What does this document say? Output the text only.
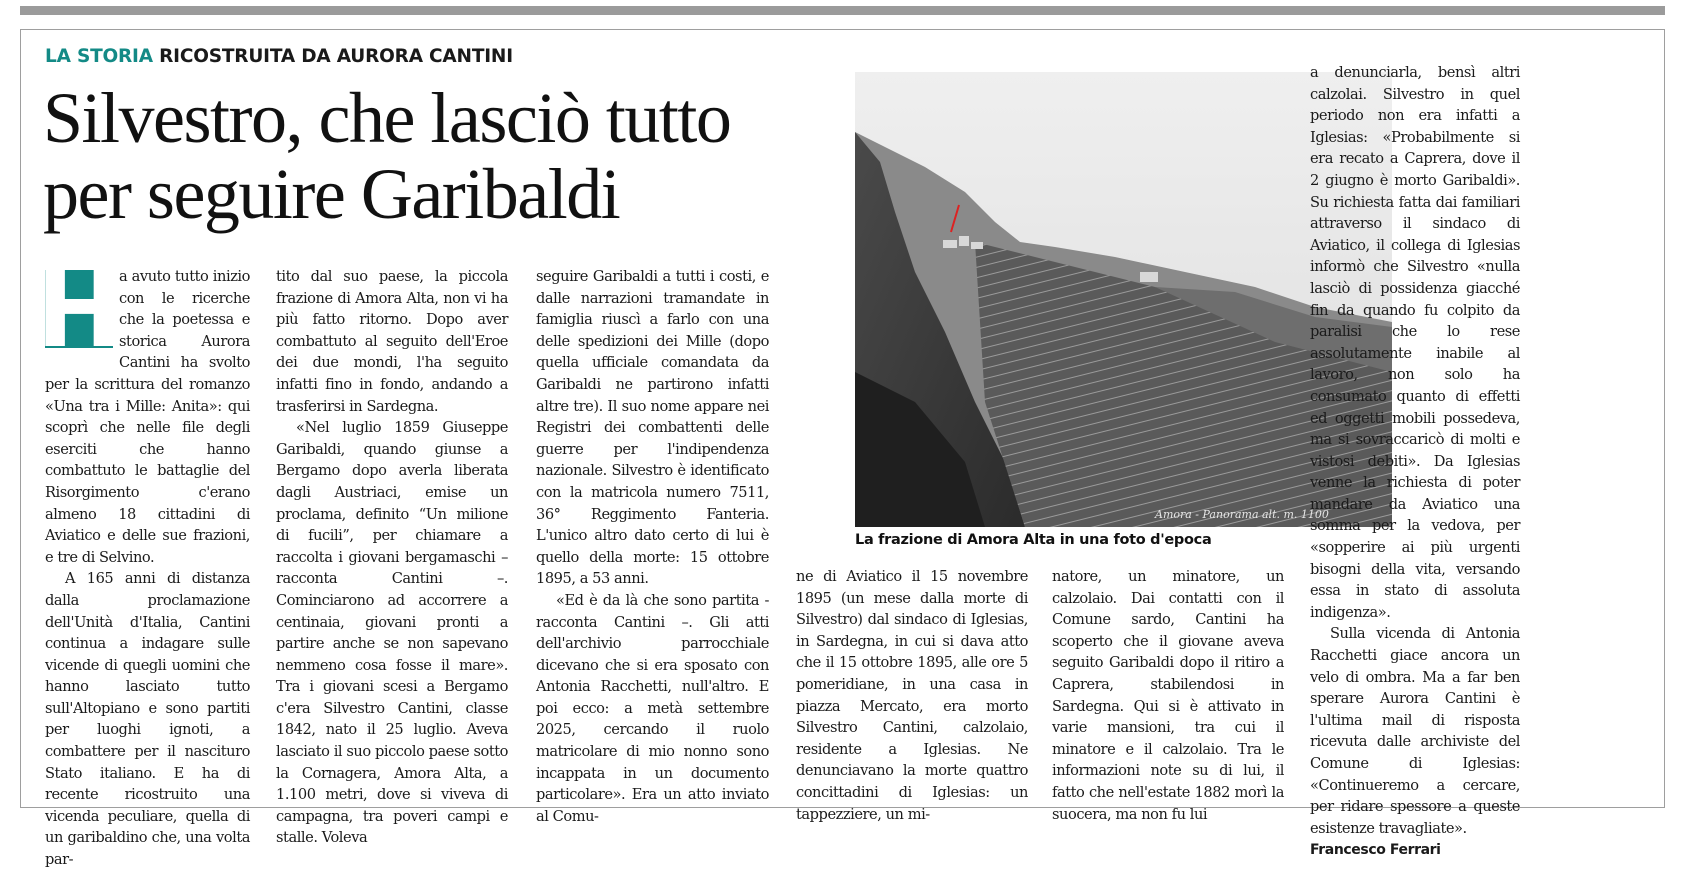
LA STORIA RICOSTRUITA DA AURORA CANTINI
Silvestro, che lasciò tutto per seguire Garibaldi

H
a avuto tutto inizio con le ricerche che la poetessa e storica Aurora Cantini ha svolto per la scrittura del romanzo «Una tra i Mille: Anita»: qui scoprì che nelle file degli eserciti che hanno combattuto le battaglie del Risorgimento c'erano almeno 18 cittadini di Aviatico e delle sue frazioni, e tre di Selvino.

A 165 anni di distanza dalla proclamazione dell'Unità d'Italia, Cantini continua a indagare sulle vicende di quegli uomini che hanno lasciato tutto sull'Altopiano e sono partiti per luoghi ignoti, a combattere per il nascituro Stato italiano. E ha di recente ricostruito una vicenda peculiare, quella di un garibaldino che, una volta par-

tito dal suo paese, la piccola frazione di Amora Alta, non vi ha più fatto ritorno. Dopo aver combattuto al seguito dell'Eroe dei due mondi, l'ha seguito infatti fino in fondo, andando a trasferirsi in Sardegna.

«Nel luglio 1859 Giuseppe Garibaldi, quando giunse a Bergamo dopo averla liberata dagli Austriaci, emise un proclama, definito “Un milione di fucili”, per chiamare a raccolta i giovani bergamaschi – racconta Cantini –. Cominciarono ad accorrere a centinaia, giovani pronti a partire anche se non sapevano nemmeno cosa fosse il mare». Tra i giovani scesi a Bergamo c'era Silvestro Cantini, classe 1842, nato il 25 luglio. Aveva lasciato il suo piccolo paese sotto la Cornagera, Amora Alta, a 1.100 metri, dove si viveva di campagna, tra poveri campi e stalle. Voleva

seguire Garibaldi a tutti i costi, e dalle narrazioni tramandate in famiglia riuscì a farlo con una delle spedizioni dei Mille (dopo quella ufficiale comandata da Garibaldi ne partirono infatti altre tre). Il suo nome appare nei Registri dei combattenti delle guerre per l'indipendenza nazionale. Silvestro è identificato con la matricola numero 7511, 36° Reggimento Fanteria. L'unico altro dato certo di lui è quello della morte: 15 ottobre 1895, a 53 anni.

«Ed è da là che sono partita - racconta Cantini –. Gli atti dell'archivio parrocchiale dicevano che si era sposato con Antonia Racchetti, null'altro. E poi ecco: a metà settembre 2025, cercando il ruolo matricolare di mio nonno sono incappata in un documento particolare». Era un atto inviato al Comu-

Amora - Panorama alt. m. 1100
La frazione di Amora Alta in una foto d'epoca

ne di Aviatico il 15 novembre 1895 (un mese dalla morte di Silvestro) dal sindaco di Iglesias, in Sardegna, in cui si dava atto che il 15 ottobre 1895, alle ore 5 pomeridiane, in una casa in piazza Mercato, era morto Silvestro Cantini, calzolaio, residente a Iglesias. Ne denunciavano la morte quattro concittadini di Iglesias: un tappezziere, un mi-

natore, un minatore, un calzolaio. Dai contatti con il Comune sardo, Cantini ha scoperto che il giovane aveva seguito Garibaldi dopo il ritiro a Caprera, stabilendosi in Sardegna. Qui si è attivato in varie mansioni, tra cui il minatore e il calzolaio. Tra le informazioni note su di lui, il fatto che nell'estate 1882 morì la suocera, ma non fu lui

a denunciarla, bensì altri calzolai. Silvestro in quel periodo non era infatti a Iglesias: «Probabilmente si era recato a Caprera, dove il 2 giugno è morto Garibaldi». Su richiesta fatta dai familiari attraverso il sindaco di Aviatico, il collega di Iglesias informò che Silvestro «nulla lasciò di possidenza giacché fin da quando fu colpito da paralisi che lo rese assolutamente inabile al lavoro, non solo ha consumato quanto di effetti ed oggetti mobili possedeva, ma si sovraccaricò di molti e vistosi debiti». Da Iglesias venne la richiesta di poter mandare da Aviatico una somma per la vedova, per «sopperire ai più urgenti bisogni della vita, versando essa in stato di assoluta indigenza».

Sulla vicenda di Antonia Racchetti giace ancora un velo di ombra. Ma a far ben sperare Aurora Cantini è l'ultima mail di risposta ricevuta dalle archiviste del Comune di Iglesias: «Continueremo a cercare, per ridare spessore a queste esistenze travagliate».

Francesco Ferrari
